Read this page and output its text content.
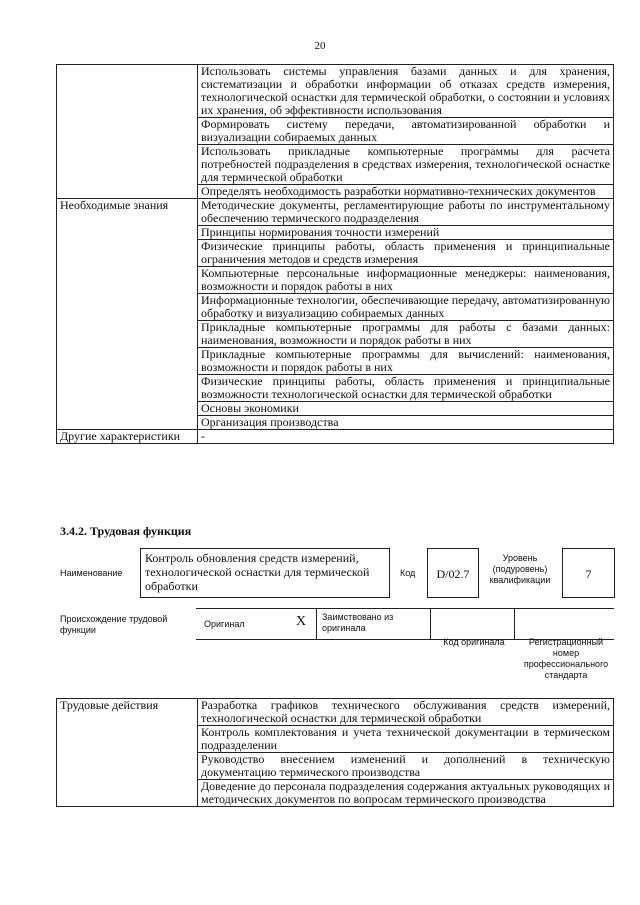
20
	Использовать системы управления базами данных и для хранения, систематизации и обработки информации об отказах средств измерения, технологической оснастки для термической обработки, о состоянии и условиях их хранения, об эффективности использования
	Формировать систему передачи, автоматизированной обработки и визуализации собираемых данных
	Использовать прикладные компьютерные программы для расчета потребностей подразделения в средствах измерения, технологической оснастке для термической обработки
	Определять необходимость разработки нормативно-технических документов
Необходимые знания	Методические документы, регламентирующие работы по инструментальному обеспечению термического подразделения
	Принципы нормирования точности измерений
	Физические принципы работы, область применения и принципиальные ограничения методов и средств измерения
	Компьютерные персональные информационные менеджеры: наименования, возможности и порядок работы в них
	Информационные технологии, обеспечивающие передачу, автоматизированную обработку и визуализацию собираемых данных
	Прикладные компьютерные программы для работы с базами данных: наименования, возможности и порядок работы в них
	Прикладные компьютерные программы для вычислений: наименования, возможности и порядок работы в них
	Физические принципы работы, область применения и принципиальные возможности технологической оснастки для термической обработки
	Основы экономики
	Организация производства
Другие характеристики	-
3.4.2. Трудовая функция
Наименование
Контроль обновления средств измерений, технологической оснастки для термической обработки
Код	D/02.7
Уровень (подуровень) квалификации	7
Происхождение трудовой функции
Оригинал	X Заимствовано из оригинала
Код оригинала	Регистрационный номер профессионального стандарта
Трудовые действия	Разработка графиков технического обслуживания средств измерений, технологической оснастки для термической обработки
Контроль комплектования и учета технической документации в термическом подразделении
Руководство внесением изменений и дополнений в техническую документацию термического производства
Доведение до персонала подразделения содержания актуальных руководящих и методических документов по вопросам термического производства
